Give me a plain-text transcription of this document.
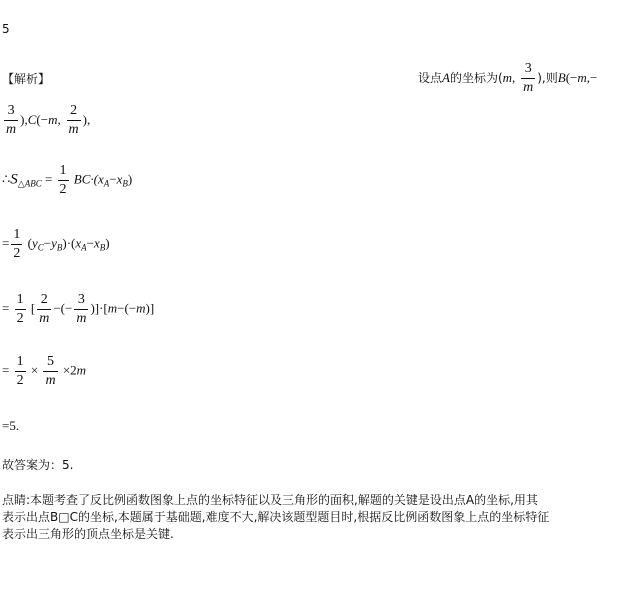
5
【解析】	设点A的坐标为(m, $\frac{3}{m}$ ),则B(−m,−
$\frac{3}{m} ),C(-m$, $\frac{2}{m}$ ),
$\therefore S_{\triangle ABC} = \frac{1}{2} BC\cdot(x_A-x_B)$
= $\frac{1}{2} (y_C-y_B)\cdot(x_A-x_B)$
= $\frac{1}{2}$ [ $\frac{2}{m}$ −(− $\frac{3}{m} )]\cdot[m-(-m)]$
= $\frac{1}{2} \times \frac{5}{m} \times 2m$
=5.
故答案为：5.
点睛:本题考查了反比例函数图象上点的坐标特征以及三角形的面积,解题的关键是设出点A的坐标,用其
表示出点B□C的坐标,本题属于基础题,难度不大,解决该题型题目时,根据反比例函数图象上点的坐标特征
表示出三角形的顶点坐标是关键.
